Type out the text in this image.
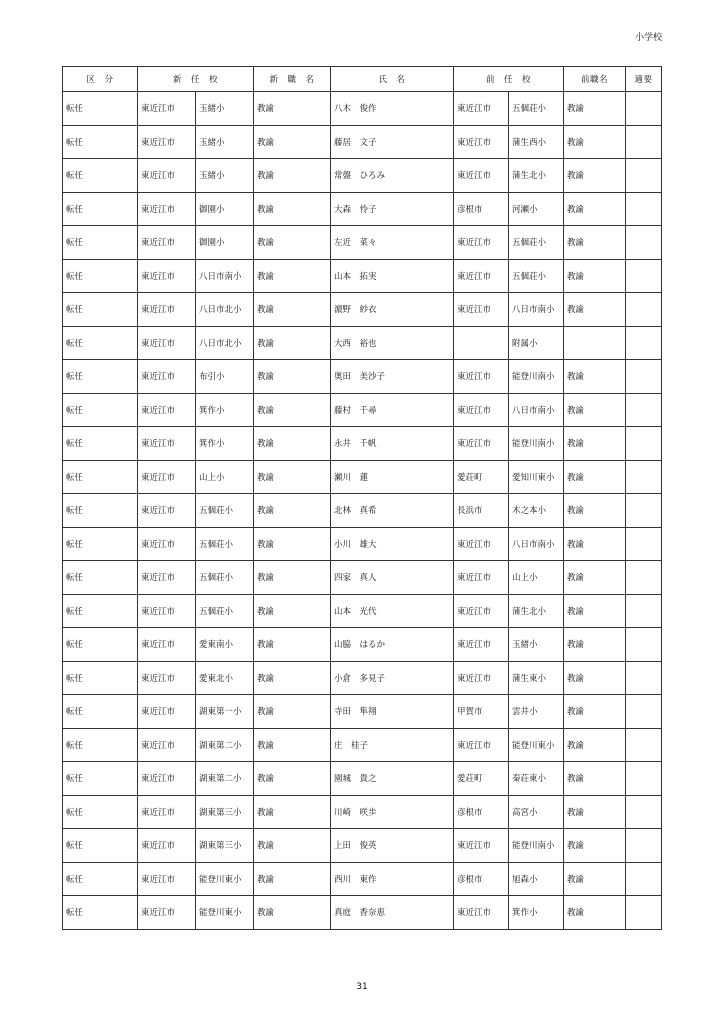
小学校
区　分	新　任　校		新　職　名	氏　名	前　任　校		前職名	適要
転任	東近江市	玉緒小	教諭	八木　俊作	東近江市	五個荘小	教諭	
転任	東近江市	玉緒小	教諭	藤居　文子	東近江市	蒲生西小	教諭	
転任	東近江市	玉緒小	教諭	常盤　ひろみ	東近江市	蒲生北小	教諭	
転任	東近江市	御園小	教諭	大森　怜子	彦根市	河瀬小	教諭	
転任	東近江市	御園小	教諭	左近　菜々	東近江市	五個荘小	教諭	
転任	東近江市	八日市南小	教諭	山本　拓実	東近江市	五個荘小	教諭	
転任	東近江市	八日市北小	教諭	濵野　紗衣	東近江市	八日市南小	教諭	
転任	東近江市	八日市北小	教諭	大西　裕也		附属小		
転任	東近江市	布引小	教諭	奥田　美沙子	東近江市	能登川南小	教諭	
転任	東近江市	箕作小	教諭	藤村　千尋	東近江市	八日市南小	教諭	
転任	東近江市	箕作小	教諭	永井　千帆	東近江市	能登川南小	教諭	
転任	東近江市	山上小	教諭	瀬川　蓮	愛荘町	愛知川東小	教諭	
転任	東近江市	五個荘小	教諭	北林　真希	長浜市	木之本小	教諭	
転任	東近江市	五個荘小	教諭	小川　雄大	東近江市	八日市南小	教諭	
転任	東近江市	五個荘小	教諭	四家　真人	東近江市	山上小	教諭	
転任	東近江市	五個荘小	教諭	山本　光代	東近江市	蒲生北小	教諭	
転任	東近江市	愛東南小	教諭	山脇　はるか	東近江市	玉緒小	教諭	
転任	東近江市	愛東北小	教諭	小倉　多見子	東近江市	蒲生東小	教諭	
転任	東近江市	湖東第一小	教諭	寺田　隼翔	甲賀市	雲井小	教諭	
転任	東近江市	湖東第二小	教諭	庄　桂子	東近江市	能登川東小	教諭	
転任	東近江市	湖東第二小	教諭	園城　貴之	愛荘町	秦荘東小	教諭	
転任	東近江市	湖東第三小	教諭	川崎　咲歩	彦根市	高宮小	教諭	
転任	東近江市	湖東第三小	教諭	上田　俊英	東近江市	能登川南小	教諭	
転任	東近江市	能登川東小	教諭	西川　東作	彦根市	旭森小	教諭	
転任	東近江市	能登川東小	教諭	真庭　香奈恵	東近江市	箕作小	教諭	
31
